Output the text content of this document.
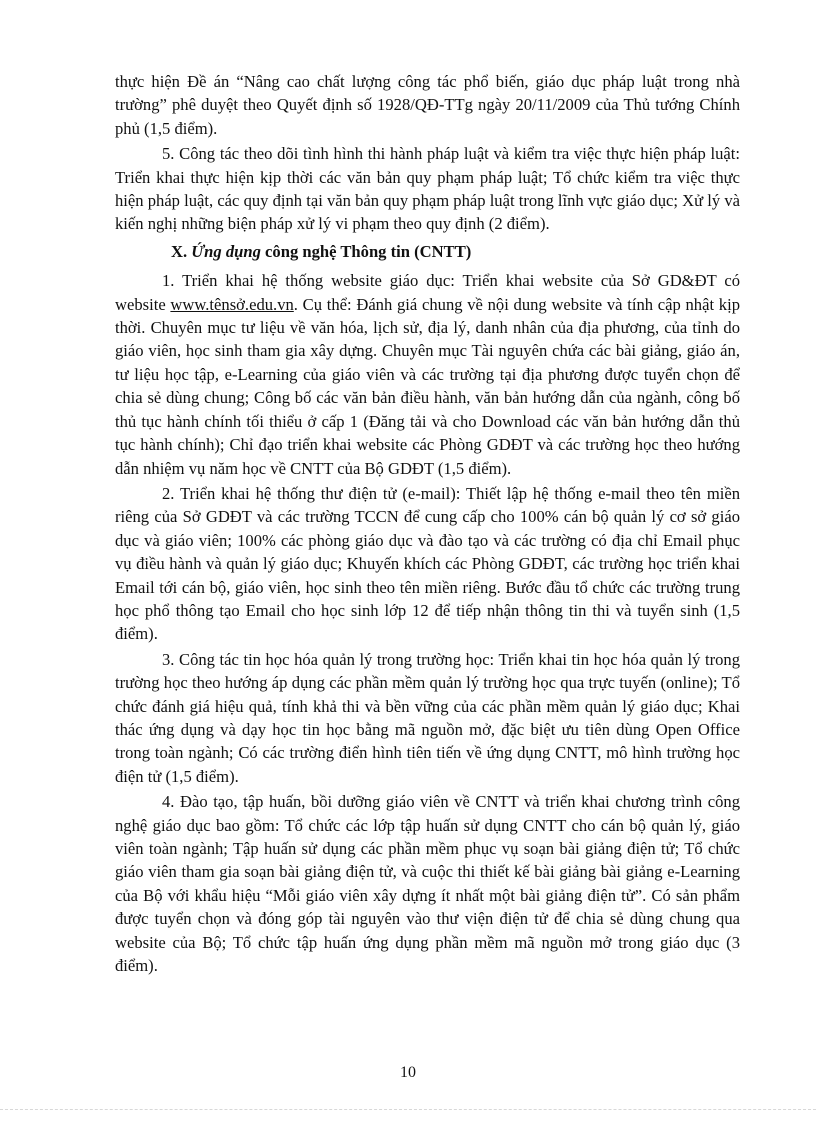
thực hiện Đề án “Nâng cao chất lượng công tác phổ biến, giáo dục pháp luật trong nhà trường” phê duyệt theo Quyết định số 1928/QĐ-TTg ngày 20/11/2009 của Thủ tướng Chính phủ (1,5 điểm).

5. Công tác theo dõi tình hình thi hành pháp luật và kiểm tra việc thực hiện pháp luật: Triển khai thực hiện kịp thời các văn bản quy phạm pháp luật; Tổ chức kiểm tra việc thực hiện pháp luật, các quy định tại văn bản quy phạm pháp luật trong lĩnh vực giáo dục; Xử lý và kiến nghị những biện pháp xử lý vi phạm theo quy định (2 điểm).

X. Ứng dụng công nghệ Thông tin (CNTT)

1. Triển khai hệ thống website giáo dục: Triển khai website của Sở GD&ĐT có website www.tênsở.edu.vn. Cụ thể: Đánh giá chung về nội dung website và tính cập nhật kịp thời. Chuyên mục tư liệu về văn hóa, lịch sử, địa lý, danh nhân của địa phương, của tỉnh do giáo viên, học sinh tham gia xây dựng. Chuyên mục Tài nguyên chứa các bài giảng, giáo án, tư liệu học tập, e-Learning của giáo viên và các trường tại địa phương được tuyển chọn để chia sẻ dùng chung; Công bố các văn bản điều hành, văn bản hướng dẫn của ngành, công bố thủ tục hành chính tối thiểu ở cấp 1 (Đăng tải và cho Download các văn bản hướng dẫn thủ tục hành chính); Chỉ đạo triển khai website các Phòng GDĐT và các trường học theo hướng dẫn nhiệm vụ năm học về CNTT của Bộ GDĐT (1,5 điểm).

2. Triển khai hệ thống thư điện tử (e-mail): Thiết lập hệ thống e-mail theo tên miền riêng của Sở GDĐT và các trường TCCN để cung cấp cho 100% cán bộ quản lý cơ sở giáo dục và giáo viên; 100% các phòng giáo dục và đào tạo và các trường có địa chỉ Email phục vụ điều hành và quản lý giáo dục; Khuyến khích các Phòng GDĐT, các trường học triển khai Email tới cán bộ, giáo viên, học sinh theo tên miền riêng. Bước đầu tổ chức các trường trung học phổ thông tạo Email cho học sinh lớp 12 để tiếp nhận thông tin thi và tuyển sinh (1,5 điểm).

3. Công tác tin học hóa quản lý trong trường học: Triển khai tin học hóa quản lý trong trường học theo hướng áp dụng các phần mềm quản lý trường học qua trực tuyến (online); Tổ chức đánh giá hiệu quả, tính khả thi và bền vững của các phần mềm quản lý giáo dục; Khai thác ứng dụng và dạy học tin học bằng mã nguồn mở, đặc biệt ưu tiên dùng Open Office trong toàn ngành; Có các trường điển hình tiên tiến về ứng dụng CNTT, mô hình trường học điện tử (1,5 điểm).

4. Đào tạo, tập huấn, bồi dưỡng giáo viên về CNTT và triển khai chương trình công nghệ giáo dục bao gồm: Tổ chức các lớp tập huấn sử dụng CNTT cho cán bộ quản lý, giáo viên toàn ngành; Tập huấn sử dụng các phần mềm phục vụ soạn bài giảng điện tử; Tổ chức giáo viên tham gia soạn bài giảng điện tử, và cuộc thi thiết kế bài giảng bài giảng e-Learning của Bộ với khẩu hiệu “Mỗi giáo viên xây dựng ít nhất một bài giảng điện tử”. Có sản phẩm được tuyển chọn và đóng góp tài nguyên vào thư viện điện tử để chia sẻ dùng chung qua website của Bộ; Tổ chức tập huấn ứng dụng phần mềm mã nguồn mở trong giáo dục (3 điểm).

10
